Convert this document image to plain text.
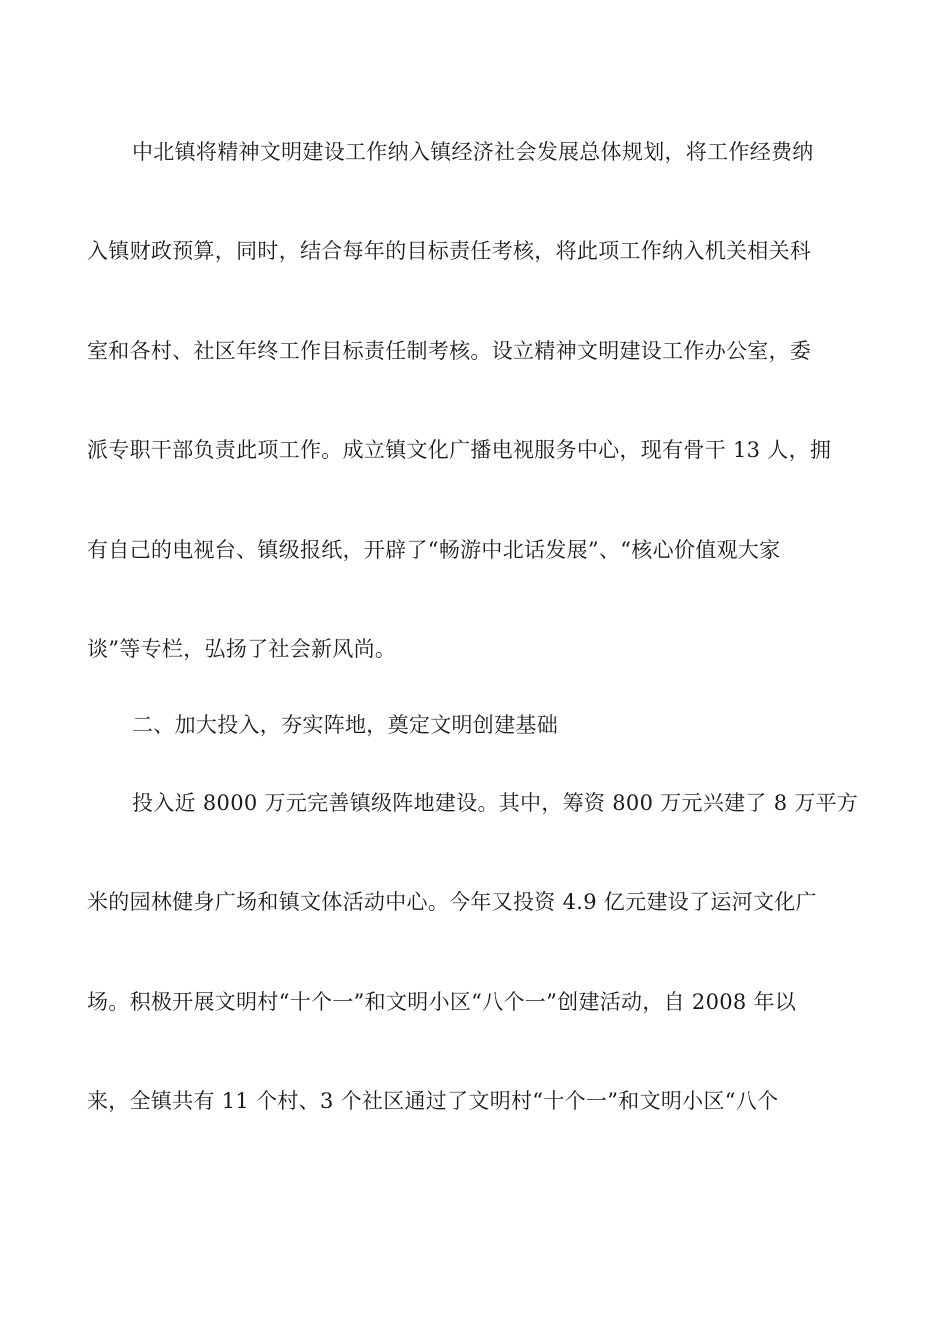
中北镇将精神文明建设工作纳入镇经济社会发展总体规划，将工作经费纳
入镇财政预算，同时，结合每年的目标责任考核，将此项工作纳入机关相关科
室和各村、社区年终工作目标责任制考核。设立精神文明建设工作办公室，委
派专职干部负责此项工作。成立镇文化广播电视服务中心，现有骨干 13 人，拥
有自己的电视台、镇级报纸，开辟了“畅游中北话发展”、“核心价值观大家
谈”等专栏，弘扬了社会新风尚。
二、加大投入，夯实阵地，奠定文明创建基础
投入近 8000 万元完善镇级阵地建设。其中，筹资 800 万元兴建了 8 万平方
米的园林健身广场和镇文体活动中心。今年又投资 4.9 亿元建设了运河文化广
场。积极开展文明村“十个一”和文明小区“八个一”创建活动，自 2008 年以
来，全镇共有 11 个村、3 个社区通过了文明村“十个一”和文明小区“八个
